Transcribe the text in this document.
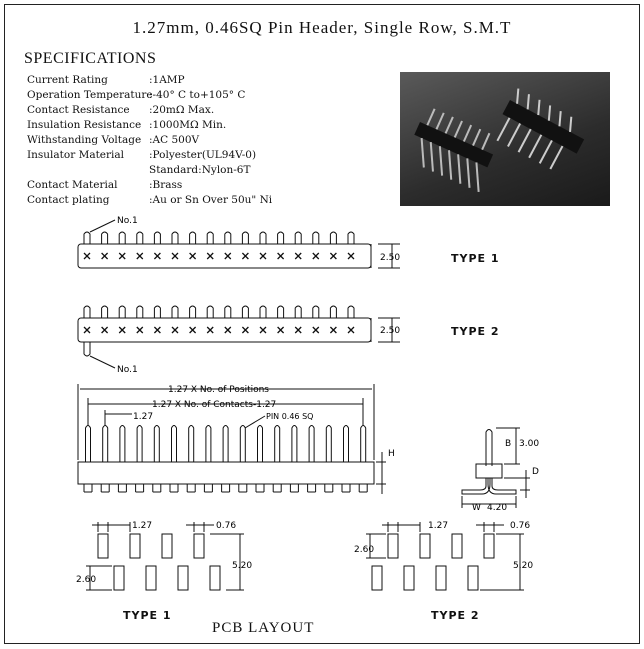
1.27mm, 0.46SQ Pin Header, Single Row, S.M.T
SPECIFICATIONS
Current Rating	:1AMP
Operation Temperature:-40° C to+105° C
Contact Resistance :20mΩ Max.
Insulation Resistance :1000MΩ Min.
Withstanding Voltage :AC 500V
Insulator Material :Polyester(UL94V-0)
Standard:Nylon-6T
Contact Material	:Brass
Contact plating	:Au or Sn Over 50u" Ni
No.1
2.50
No.1
2.50
1.27 X No. of Positions
1.27 X No. of Contacts-1.27
1.27	PIN 0.46 SQ
H
B 3.00
D
W 4.20
1.27	0.76
2.60
5.20
1.27	0.76
2.60
5.20
TYPE 1
TYPE 2
TYPE 1	TYPE 2
PCB LAYOUT
